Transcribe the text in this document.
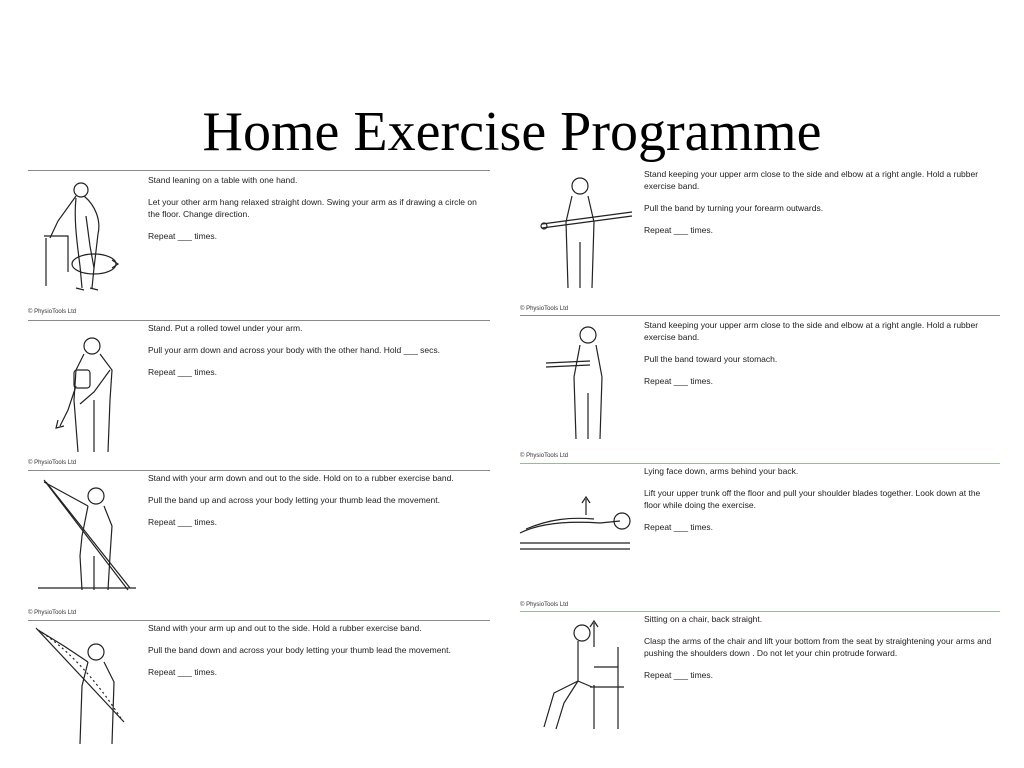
Home Exercise Programme

Stand leaning on a table with one hand.

Let your other arm hang relaxed straight down. Swing your arm as if drawing a circle on the floor. Change direction.

Repeat ___ times.

© PhysioTools Ltd

Stand. Put a rolled towel under your arm.

Pull your arm down and across your body with the other hand. Hold ___ secs.

Repeat ___ times.

© PhysioTools Ltd

Stand with your arm down and out to the side. Hold on to a rubber exercise band.

Pull the band up and across your body letting your thumb lead the movement.

Repeat ___ times.

© PhysioTools Ltd

Stand with your arm up and out to the side. Hold a rubber exercise band.

Pull the band down and across your body letting your thumb lead the movement.

Repeat ___ times.

Stand keeping your upper arm close to the side and elbow at a right angle. Hold a rubber exercise band.

Pull the band by turning your forearm outwards.

Repeat ___ times.

© PhysioTools Ltd

Stand keeping your upper arm close to the side and elbow at a right angle. Hold a rubber exercise band.

Pull the band toward your stomach.

Repeat ___ times.

© PhysioTools Ltd

Lying face down, arms behind your back.

Lift your upper trunk off the floor and pull your shoulder blades together. Look down at the floor while doing the exercise.

Repeat ___ times.

© PhysioTools Ltd

Sitting on a chair, back straight.

Clasp the arms of the chair and lift your bottom from the seat by straightening your arms and pushing the shoulders down . Do not let your chin protrude forward.

Repeat ___ times.
